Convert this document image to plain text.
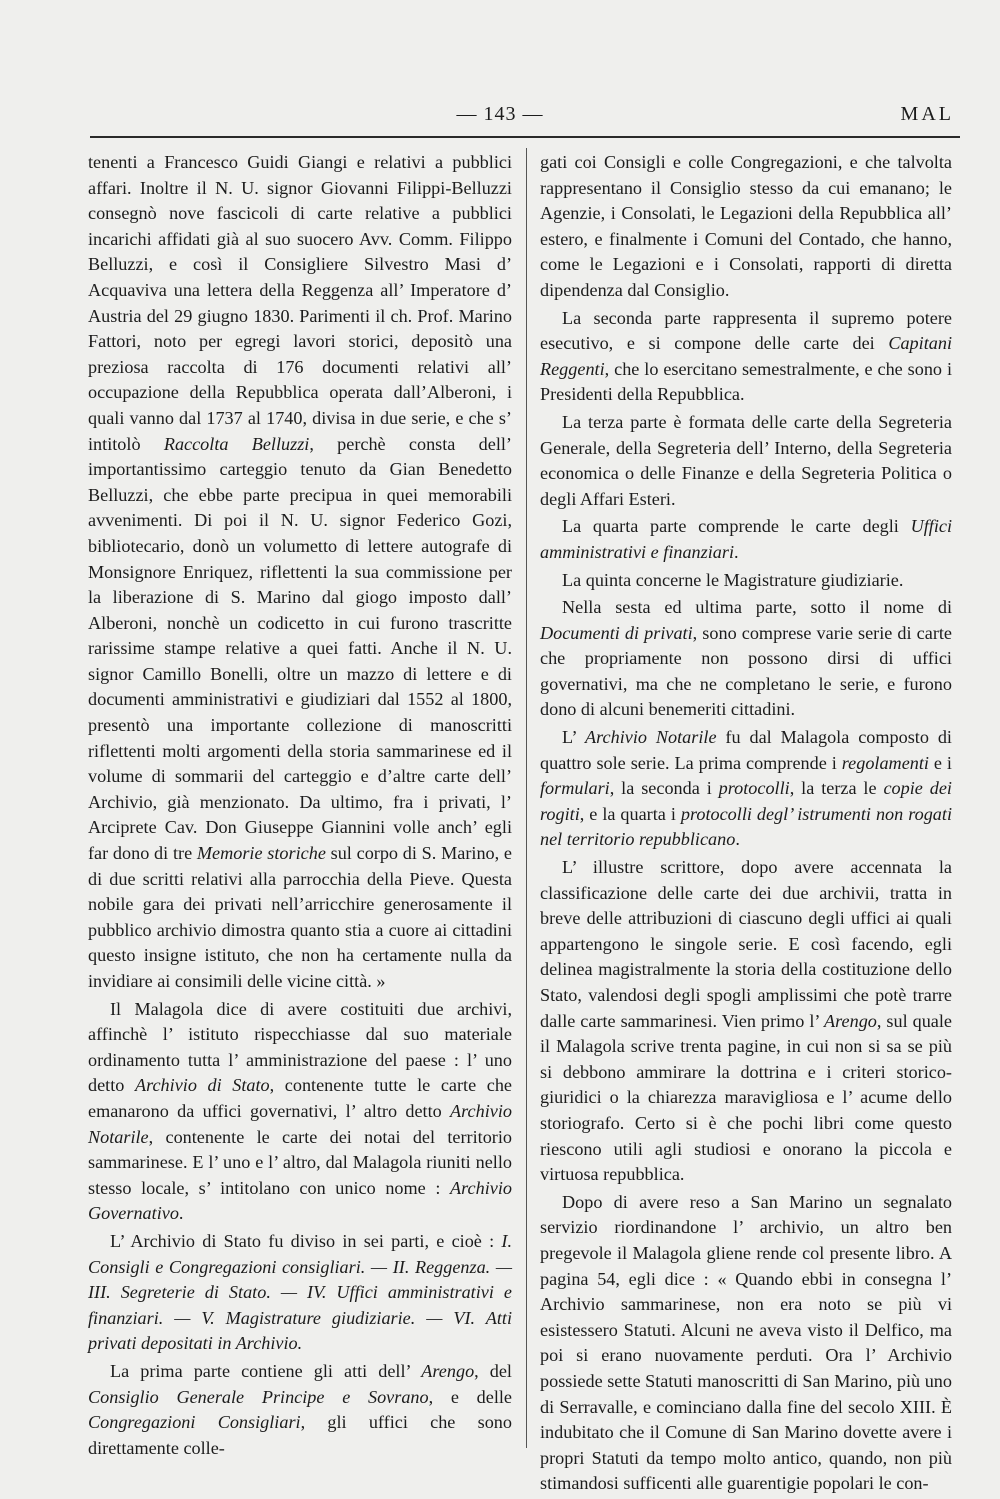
— 143 —	MAL

tenenti a Francesco Guidi Giangi e relativi a pubblici affari. Inoltre il N. U. signor Giovanni Filippi-Belluzzi consegnò nove fascicoli di carte relative a pubblici incarichi affidati già al suo suocero Avv. Comm. Filippo Belluzzi, e così il Consigliere Silvestro Masi d’ Acquaviva una lettera della Reggenza all’ Imperatore d’ Austria del 29 giugno 1830. Parimenti il ch. Prof. Marino Fattori, noto per egregi lavori storici, depositò una preziosa raccolta di 176 documenti relativi all’ occupazione della Repubblica operata dall’Alberoni, i quali vanno dal 1737 al 1740, divisa in due serie, e che s’ intitolò Raccolta Belluzzi, perchè consta dell’ importantissimo carteggio tenuto da Gian Benedetto Belluzzi, che ebbe parte precipua in quei memorabili avvenimenti. Di poi il N. U. signor Federico Gozi, bibliotecario, donò un volumetto di lettere autografe di Monsignore Enriquez, riflettenti la sua commissione per la liberazione di S. Marino dal giogo imposto dall’ Alberoni, nonchè un codicetto in cui furono trascritte rarissime stampe relative a quei fatti. Anche il N. U. signor Camillo Bonelli, oltre un mazzo di lettere e di documenti amministrativi e giudiziari dal 1552 al 1800, presentò una importante collezione di manoscritti riflettenti molti argomenti della storia sammarinese ed il volume di sommarii del carteggio e d’altre carte dell’ Archivio, già menzionato. Da ultimo, fra i privati, l’ Arciprete Cav. Don Giuseppe Giannini volle anch’ egli far dono di tre Memorie storiche sul corpo di S. Marino, e di due scritti relativi alla parrocchia della Pieve. Questa nobile gara dei privati nell’arricchire generosamente il pubblico archivio dimostra quanto stia a cuore ai cittadini questo insigne istituto, che non ha certamente nulla da invidiare ai consimili delle vicine città. »

Il Malagola dice di avere costituiti due archivi, affinchè l’ istituto rispecchiasse dal suo materiale ordinamento tutta l’ amministrazione del paese : l’ uno detto Archivio di Stato, contenente tutte le carte che emanarono da uffici governativi, l’ altro detto Archivio Notarile, contenente le carte dei notai del territorio sammarinese. E l’ uno e l’ altro, dal Malagola riuniti nello stesso locale, s’ intitolano con unico nome : Archivio Governativo.

L’ Archivio di Stato fu diviso in sei parti, e cioè : I. Consigli e Congregazioni consigliari. — II. Reggenza. — III. Segreterie di Stato. — IV. Uffici amministrativi e finanziari. — V. Magistrature giudiziarie. — VI. Atti privati depositati in Archivio.

La prima parte contiene gli atti dell’ Arengo, del Consiglio Generale Principe e Sovrano, e delle Congregazioni Consigliari, gli uffici che sono direttamente colle-

gati coi Consigli e colle Congregazioni, e che talvolta rappresentano il Consiglio stesso da cui emanano; le Agenzie, i Consolati, le Legazioni della Repubblica all’ estero, e finalmente i Comuni del Contado, che hanno, come le Legazioni e i Consolati, rapporti di diretta dipendenza dal Consiglio.

La seconda parte rappresenta il supremo potere esecutivo, e si compone delle carte dei Capitani Reggenti, che lo esercitano semestralmente, e che sono i Presidenti della Repubblica.

La terza parte è formata delle carte della Segreteria Generale, della Segreteria dell’ Interno, della Segreteria economica o delle Finanze e della Segreteria Politica o degli Affari Esteri.

La quarta parte comprende le carte degli Uffici amministrativi e finanziari.

La quinta concerne le Magistrature giudiziarie.

Nella sesta ed ultima parte, sotto il nome di Documenti di privati, sono comprese varie serie di carte che propriamente non possono dirsi di uffici governativi, ma che ne completano le serie, e furono dono di alcuni benemeriti cittadini.

L’ Archivio Notarile fu dal Malagola composto di quattro sole serie. La prima comprende i regolamenti e i formulari, la seconda i protocolli, la terza le copie dei rogiti, e la quarta i protocolli degl’ istrumenti non rogati nel territorio repubblicano.

L’ illustre scrittore, dopo avere accennata la classificazione delle carte dei due archivii, tratta in breve delle attribuzioni di ciascuno degli uffici ai quali appartengono le singole serie. E così facendo, egli delinea magistralmente la storia della costituzione dello Stato, valendosi degli spogli amplissimi che potè trarre dalle carte sammarinesi. Vien primo l’ Arengo, sul quale il Malagola scrive trenta pagine, in cui non si sa se più si debbono ammirare la dottrina e i criteri storico-giuridici o la chiarezza maravigliosa e l’ acume dello storiografo. Certo si è che pochi libri come questo riescono utili agli studiosi e onorano la piccola e virtuosa repubblica.

Dopo di avere reso a San Marino un segnalato servizio riordinandone l’ archivio, un altro ben pregevole il Malagola gliene rende col presente libro. A pagina 54, egli dice : « Quando ebbi in consegna l’ Archivio sammarinese, non era noto se più vi esistessero Statuti. Alcuni ne aveva visto il Delfico, ma poi si erano nuovamente perduti. Ora l’ Archivio possiede sette Statuti manoscritti di San Marino, più uno di Serravalle, e cominciano dalla fine del secolo XIII. È indubitato che il Comune di San Marino dovette avere i propri Statuti da tempo molto antico, quando, non più stimandosi sufficenti alle guarentigie popolari le con-
